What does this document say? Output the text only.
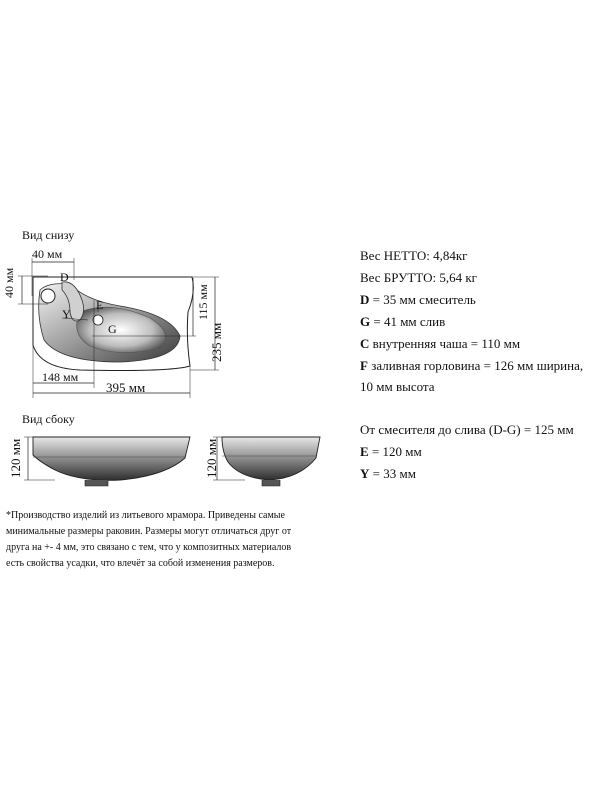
Вид снизу
40 мм
40 мм
115 мм
235 мм
148 мм
395 мм
D
E
Y
G
Вид сбоку
120 мм	120 мм
Вес НЕТТО: 4,84кг
Вес БРУТТО: 5,64 кг
D = 35 мм смеситель
G = 41 мм слив
C внутренняя чаша = 110 мм
F заливная горловина = 126 мм ширина,
10 мм высота
От смесителя до слива (D-G) = 125 мм
E = 120 мм
Y = 33 мм
*Производство изделий из литьевого мрамора. Приведены самые
минимальные размеры раковин. Размеры могут отличаться друг от
друга на +- 4 мм, это связано с тем, что у композитных материалов
есть свойства усадки, что влечёт за собой изменения размеров.
